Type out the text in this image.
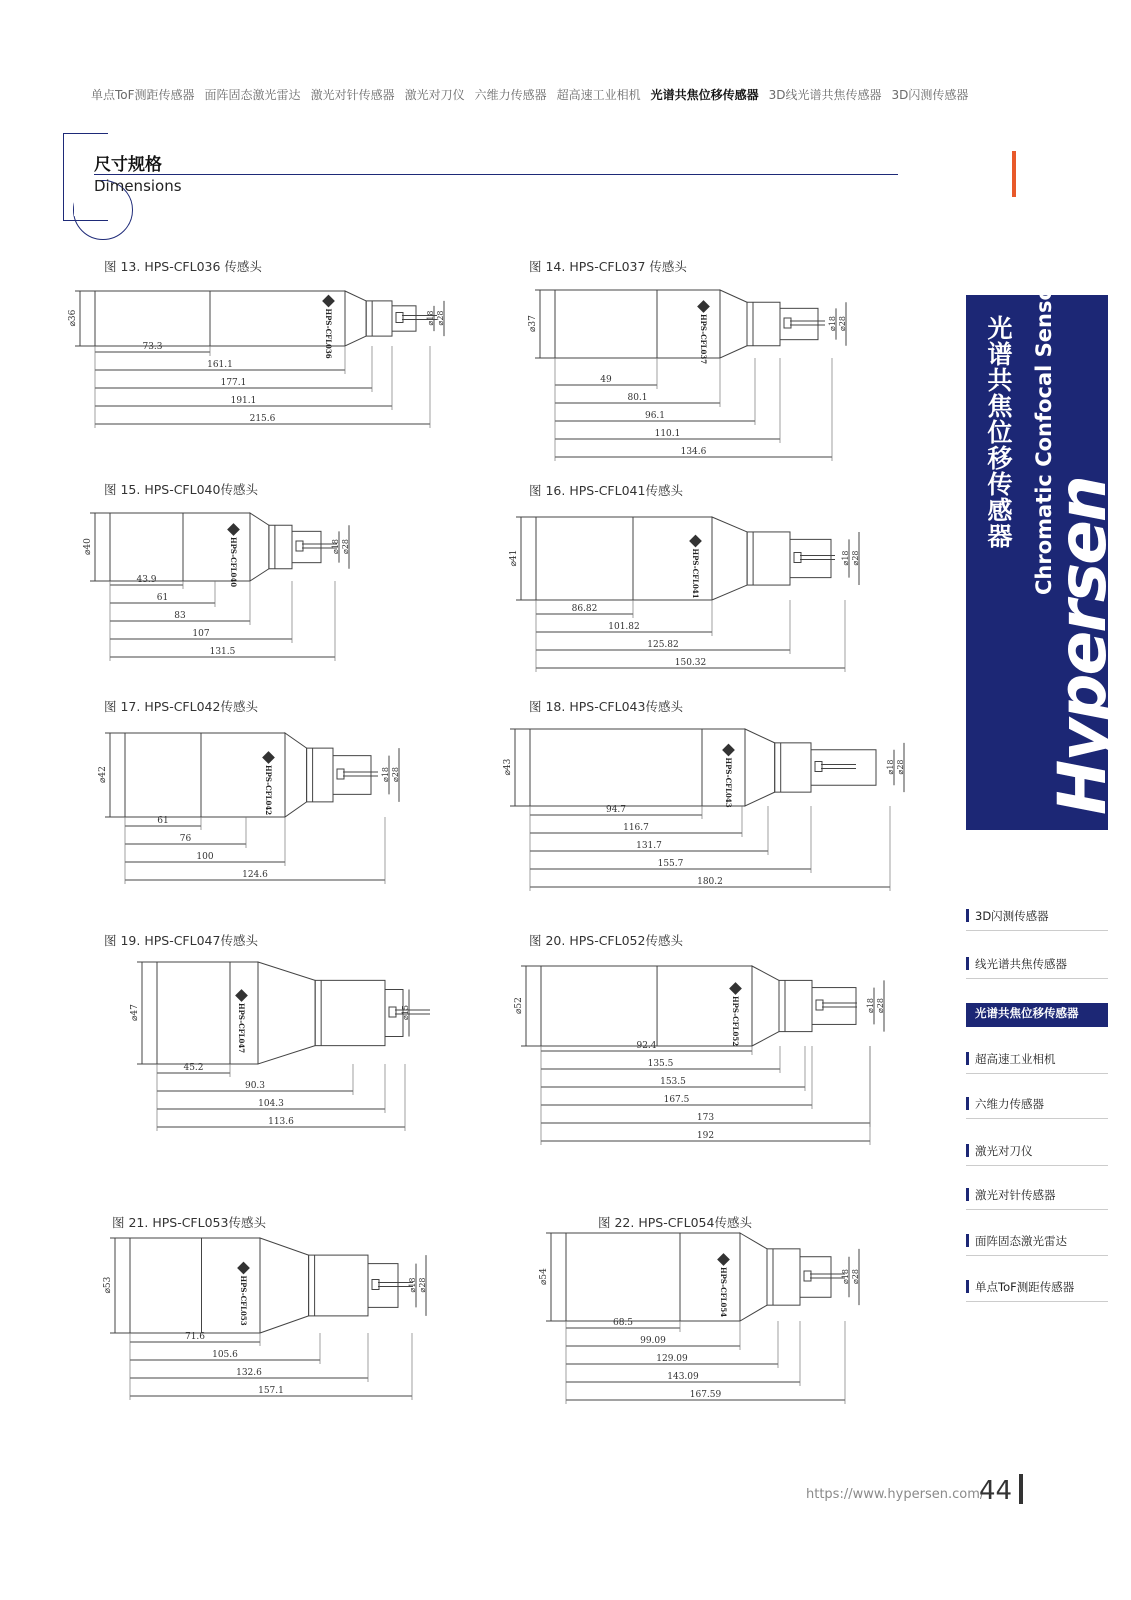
单点ToF测距传感器 面阵固态激光雷达 激光对针传感器 激光对刀仪 六维力传感器 超高速工业相机 光谱共焦位移传感器 3D线光谱共焦传感器 3D闪测传感器
尺寸规格
Dimensions
光谱共焦位移传感器 Chromatic Confocal Sensor
Hypersen
图 13. HPS-CFL036 传感头
HPS-CFL036
⌀36	⌀18 ⌀28
73.3
161.1
177.1
191.1
215.6
图 14. HPS-CFL037 传感头
HPS-CFL037
⌀37	⌀18 ⌀28
49
80.1
96.1
110.1
134.6
图 15. HPS-CFL040传感头
HPS-CFL040
⌀40	⌀18 ⌀28
43.9
61
83
107
131.5
图 16. HPS-CFL041传感头
HPS-CFL041
⌀41	⌀18 ⌀28
86.82
101.82
125.82
150.32
图 17. HPS-CFL042传感头
HPS-CFL042
⌀42	⌀18 ⌀28
61
76
100
124.6
图 18. HPS-CFL043传感头
HPS-CFL043
⌀43	⌀18 ⌀28
94.7
116.7
131.7
155.7
180.2
图 19. HPS-CFL047传感头
HPS-CFL047
⌀47	⌀15
45.2
90.3
104.3
113.6
图 20. HPS-CFL052传感头
HPS-CFL052
⌀52	⌀18 ⌀28
92.4
135.5
153.5
167.5
173
192
图 21. HPS-CFL053传感头
HPS-CFL053
⌀53	⌀18 ⌀28
71.6
105.6
132.6
157.1
图 22. HPS-CFL054传感头
HPS-CFL054
⌀54	⌀18 ⌀28
68.5
99.09
129.09
143.09
167.59
https://www.hypersen.com/
44
3D闪测传感器
线光谱共焦传感器
光谱共焦位移传感器
超高速工业相机
六维力传感器
激光对刀仪
激光对针传感器
面阵固态激光雷达
单点ToF测距传感器
